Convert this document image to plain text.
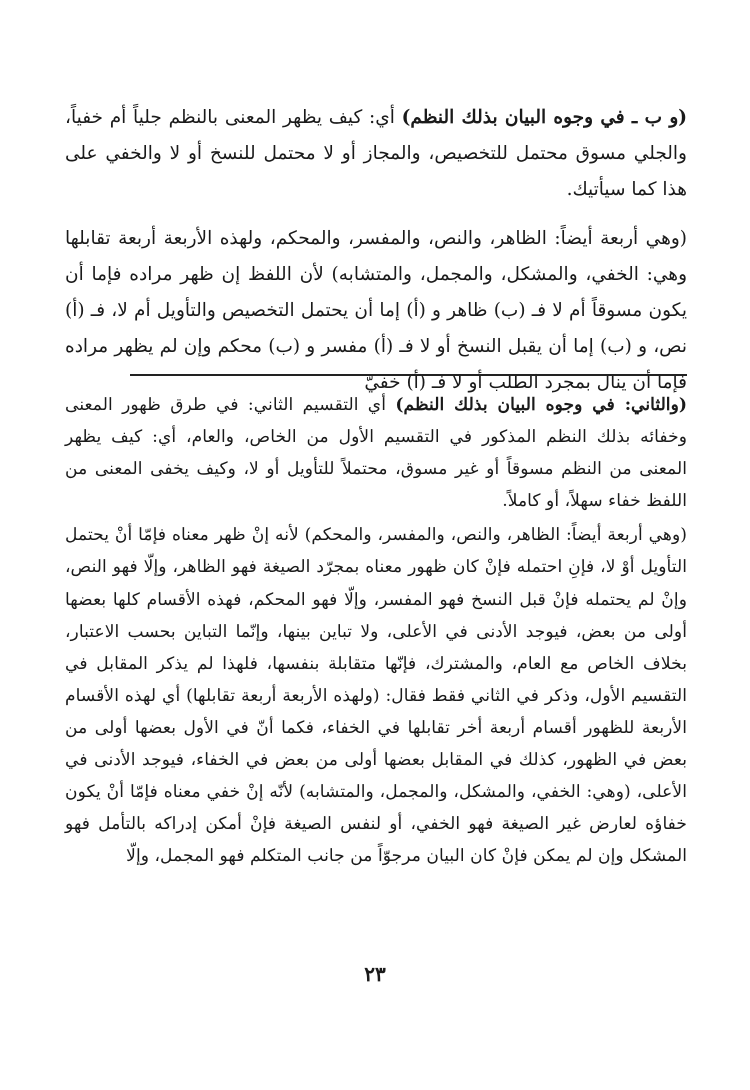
(و ب ـ في وجوه البيان بذلك النظم) أي: كيف يظهر المعنى بالنظم جلياً أم خفياً، والجلي مسوق محتمل للتخصيص، والمجاز أو لا محتمل للنسخ أو لا والخفي على هذا كما سيأتيك.

(وهي أربعة أيضاً: الظاهر، والنص، والمفسر، والمحكم، ولهذه الأربعة أربعة تقابلها وهي: الخفي، والمشكل، والمجمل، والمتشابه) لأن اللفظ إن ظهر مراده فإما أن يكون مسوقاً أم لا فـ (ب) ظاهر و (أ) إما أن يحتمل التخصيص والتأويل أم لا، فـ (أ) نص، و (ب) إما أن يقبل النسخ أو لا فـ (أ) مفسر و (ب) محكم وإن لم يظهر مراده فإما أن ينال بمجرد الطلب أو لا فـ (أ) خفيّ

(والثاني: في وجوه البيان بذلك النظم) أي التقسيم الثاني: في طرق ظهور المعنى وخفائه بذلك النظم المذكور في التقسيم الأول من الخاص، والعام، أي: كيف يظهر المعنى من النظم مسوقاً أو غير مسوق، محتملاً للتأويل أو لا، وكيف يخفى المعنى من اللفظ خفاء سهلاً، أو كاملاً.

(وهي أربعة أيضاً: الظاهر، والنص، والمفسر، والمحكم) لأنه إنْ ظهر معناه فإمّا أنْ يحتمل التأويل أوْ لا، فإنِ احتمله فإنْ كان ظهور معناه بمجرّد الصيغة فهو الظاهر، وإلّا فهو النص، وإنْ لم يحتمله فإنْ قبل النسخ فهو المفسر، وإلّا فهو المحكم، فهذه الأقسام كلها بعضها أولى من بعض، فيوجد الأدنى في الأعلى، ولا تباين بينها، وإنّما التباين بحسب الاعتبار، بخلاف الخاص مع العام، والمشترك، فإنّها متقابلة بنفسها، فلهذا لم يذكر المقابل في التقسيم الأول، وذكر في الثاني فقط فقال: (ولهذه الأربعة أربعة تقابلها) أي لهذه الأقسام الأربعة للظهور أقسام أربعة أخر تقابلها في الخفاء، فكما أنّ في الأول بعضها أولى من بعض في الظهور، كذلك في المقابل بعضها أولى من بعض في الخفاء، فيوجد الأدنى في الأعلى، (وهي: الخفي، والمشكل، والمجمل، والمتشابه) لأنّه إنْ خفي معناه فإمّا أنْ يكون خفاؤه لعارض غير الصيغة فهو الخفي، أو لنفس الصيغة فإنْ أمكن إدراكه بالتأمل فهو المشكل وإن لم يمكن فإنْ كان البيان مرجوّاً من جانب المتكلم فهو المجمل، وإلّا

٢٣
